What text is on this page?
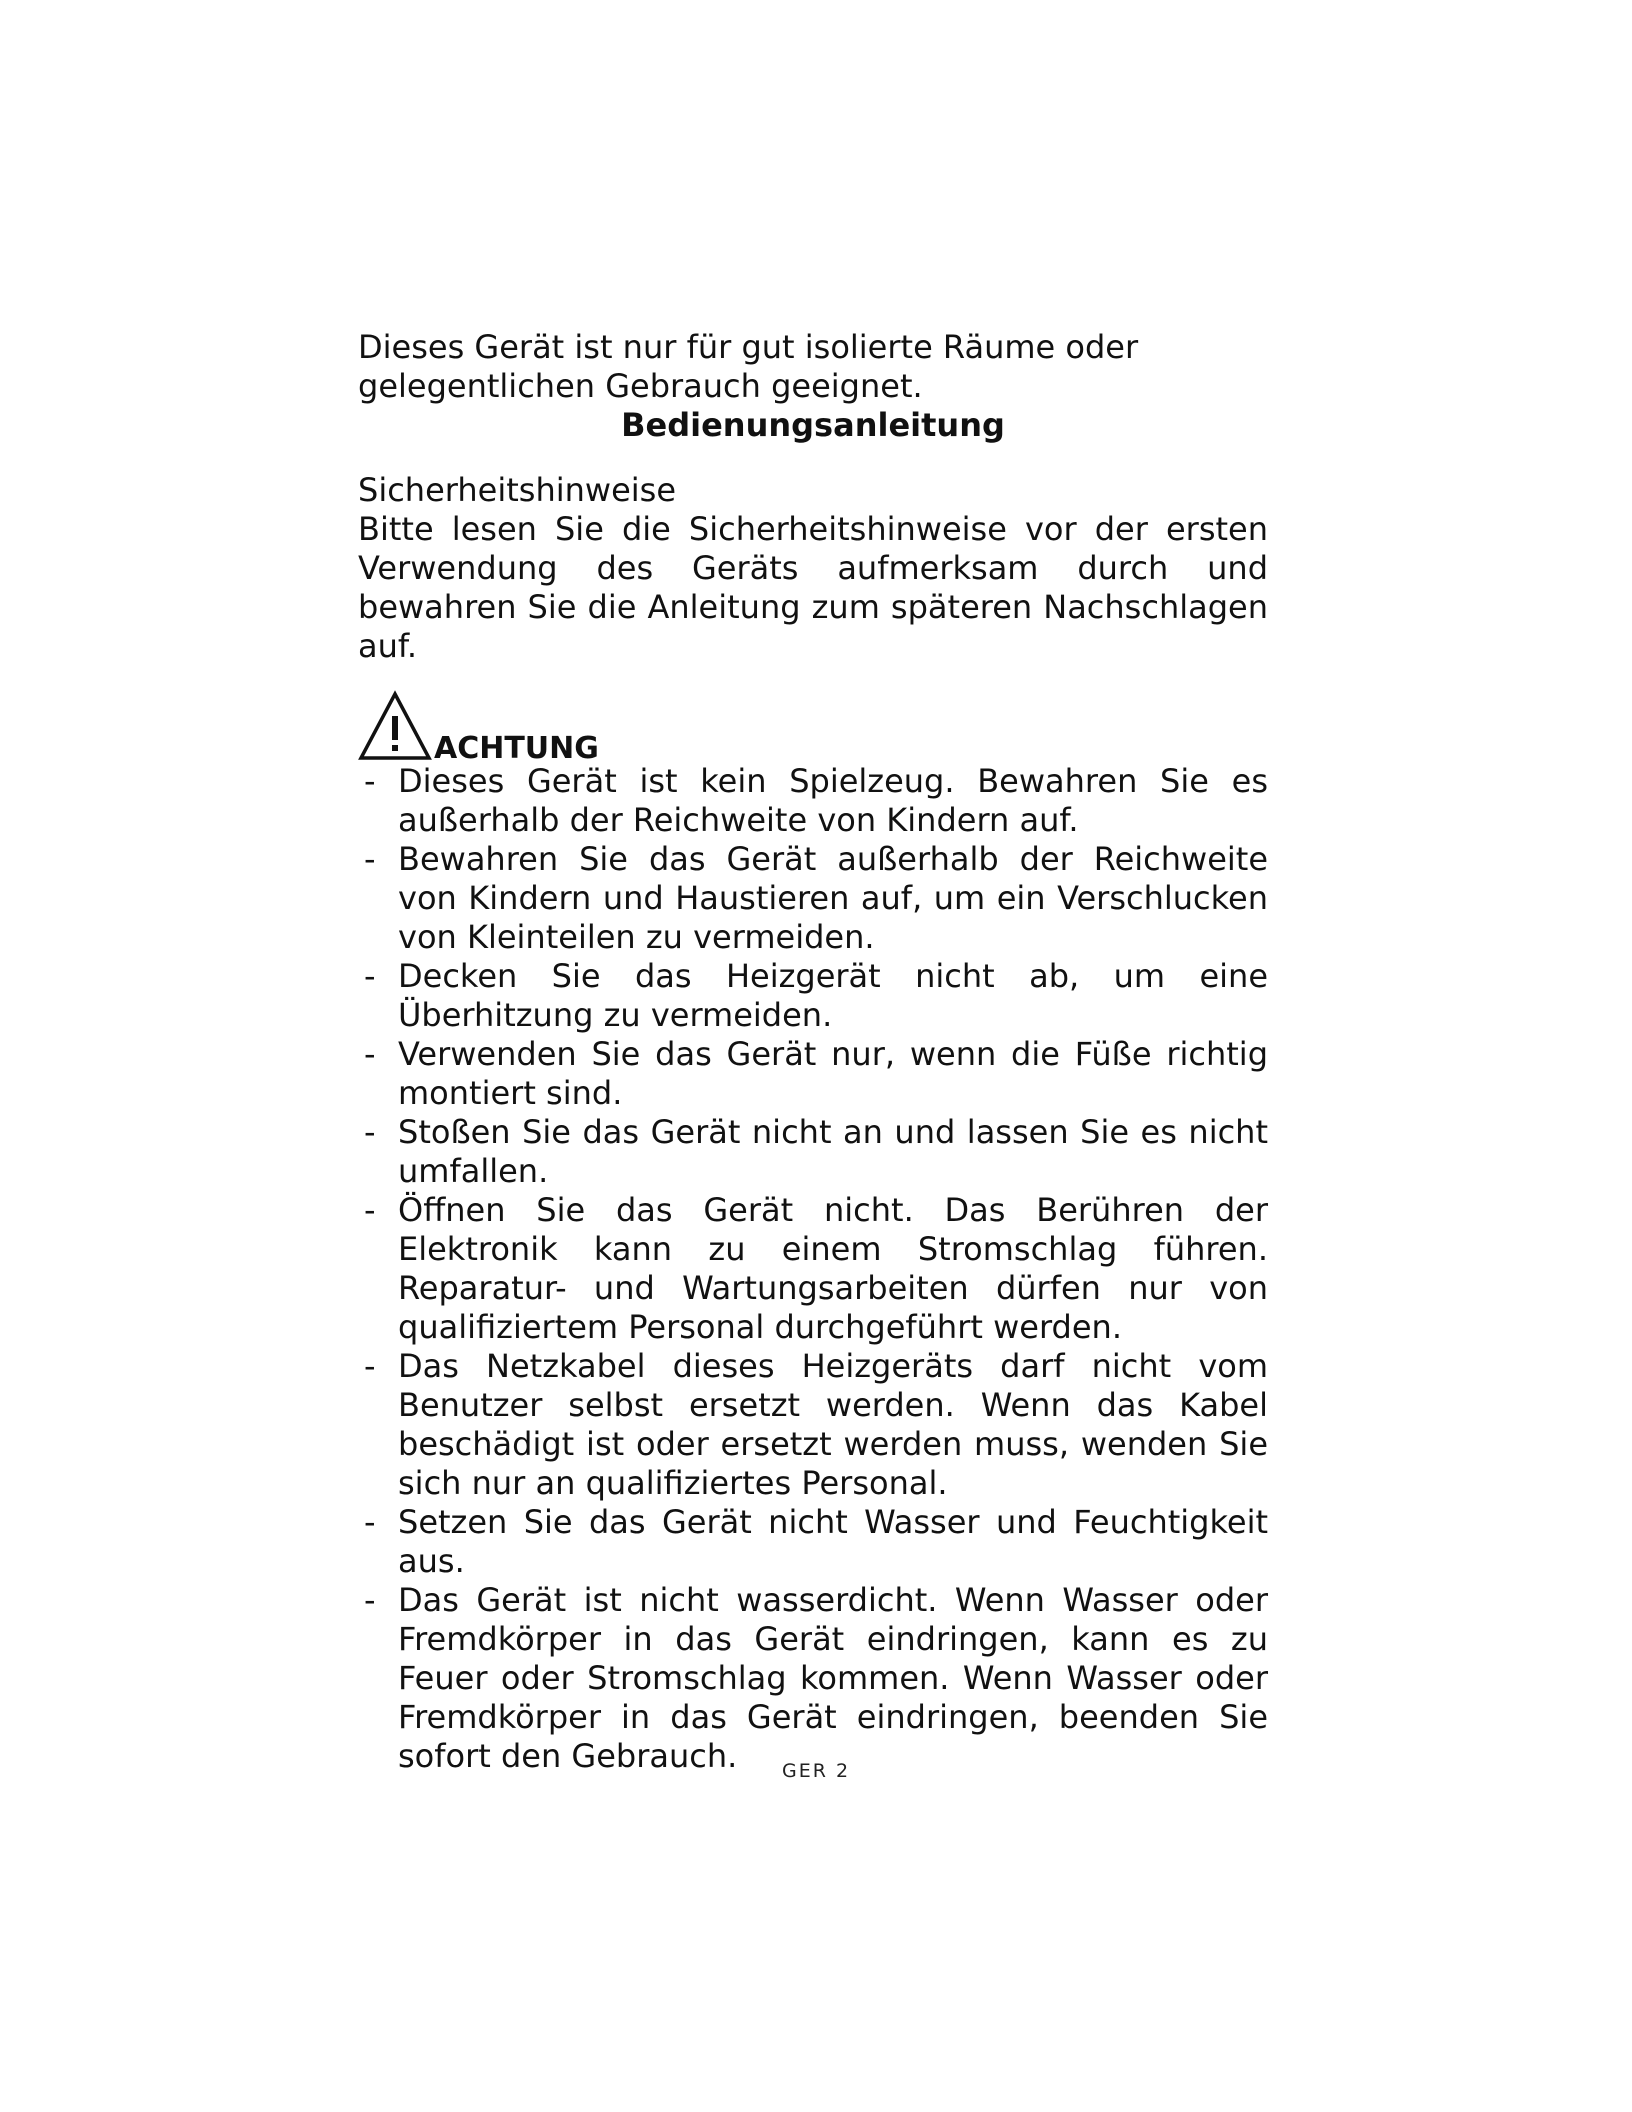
Dieses Gerät ist nur für gut isolierte Räume oder

gelegentlichen Gebrauch geeignet.

Bedienungsanleitung

Sicherheitshinweise

Bitte lesen Sie die Sicherheitshinweise vor der ersten Verwendung des Geräts aufmerksam durch und bewahren Sie die Anleitung zum späteren Nachschlagen auf.

ACHTUNG
- Dieses Gerät ist kein Spielzeug. Bewahren Sie es außerhalb der Reichweite von Kindern auf.
- Bewahren Sie das Gerät außerhalb der Reichweite von Kindern und Haustieren auf, um ein Verschlucken von Kleinteilen zu vermeiden.
- Decken Sie das Heizgerät nicht ab, um eine Überhitzung zu vermeiden.
- Verwenden Sie das Gerät nur, wenn die Füße richtig montiert sind.
- Stoßen Sie das Gerät nicht an und lassen Sie es nicht umfallen.
- Öffnen Sie das Gerät nicht. Das Berühren der Elektronik kann zu einem Stromschlag führen. Reparatur- und Wartungsarbeiten dürfen nur von qualifiziertem Personal durchgeführt werden.
- Das Netzkabel dieses Heizgeräts darf nicht vom Benutzer selbst ersetzt werden. Wenn das Kabel beschädigt ist oder ersetzt werden muss, wenden Sie sich nur an qualifiziertes Personal.
- Setzen Sie das Gerät nicht Wasser und Feuchtigkeit aus.
- Das Gerät ist nicht wasserdicht. Wenn Wasser oder Fremdkörper in das Gerät eindringen, kann es zu Feuer oder Stromschlag kommen. Wenn Wasser oder Fremdkörper in das Gerät eindringen, beenden Sie sofort den Gebrauch.	GER 2
